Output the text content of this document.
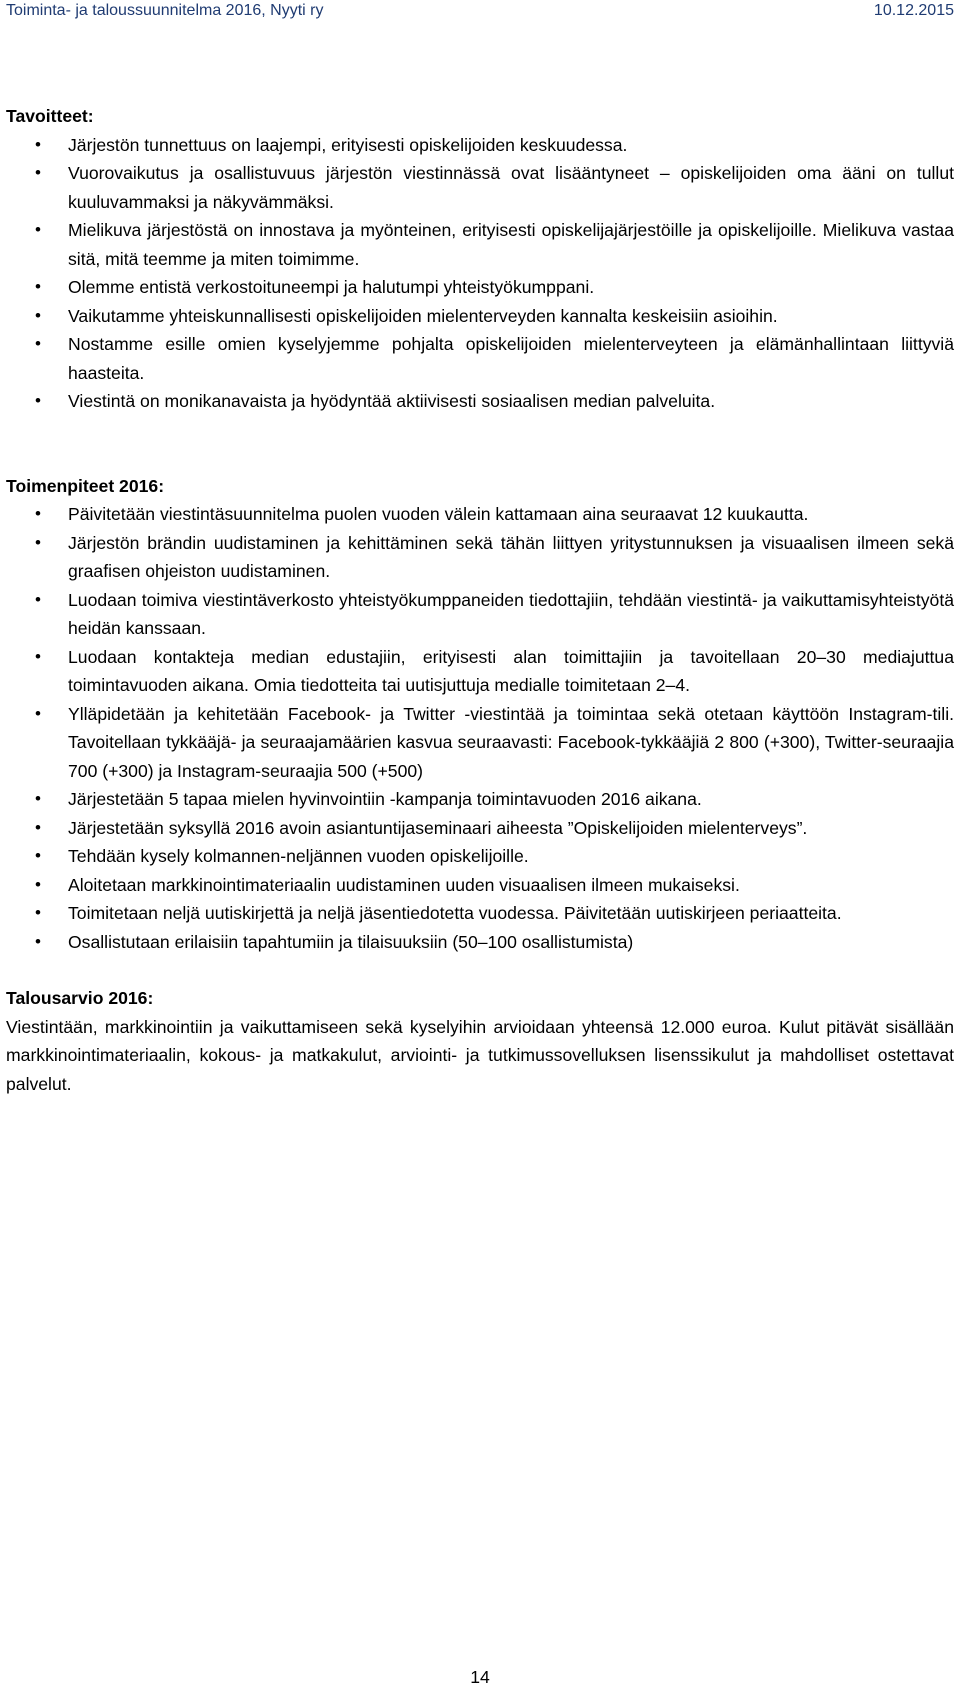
Toiminta- ja taloussuunnitelma 2016, Nyyti ry	10.12.2015
Tavoitteet:
• Järjestön tunnettuus on laajempi, erityisesti opiskelijoiden keskuudessa.
• Vuorovaikutus ja osallistuvuus järjestön viestinnässä ovat lisääntyneet – opiskelijoiden oma ääni on tullut kuuluvammaksi ja näkyvämmäksi.
• Mielikuva järjestöstä on innostava ja myönteinen, erityisesti opiskelijajärjestöille ja opiskelijoille. Mielikuva vastaa sitä, mitä teemme ja miten toimimme.
• Olemme entistä verkostoituneempi ja halutumpi yhteistyökumppani.
• Vaikutamme yhteiskunnallisesti opiskelijoiden mielenterveyden kannalta keskeisiin asioihin.
• Nostamme esille omien kyselyjemme pohjalta opiskelijoiden mielenterveyteen ja elämänhallintaan liittyviä haasteita.
• Viestintä on monikanavaista ja hyödyntää aktiivisesti sosiaalisen median palveluita.
Toimenpiteet 2016:
• Päivitetään viestintäsuunnitelma puolen vuoden välein kattamaan aina seuraavat 12 kuukautta.
• Järjestön brändin uudistaminen ja kehittäminen sekä tähän liittyen yritystunnuksen ja visuaalisen ilmeen sekä graafisen ohjeiston uudistaminen.
• Luodaan toimiva viestintäverkosto yhteistyökumppaneiden tiedottajiin, tehdään viestintä- ja vaikuttamisyhteistyötä heidän kanssaan.
• Luodaan kontakteja median edustajiin, erityisesti alan toimittajiin ja tavoitellaan 20–30 mediajuttua toimintavuoden aikana. Omia tiedotteita tai uutisjuttuja medialle toimitetaan 2–4.
• Ylläpidetään ja kehitetään Facebook- ja Twitter -viestintää ja toimintaa sekä otetaan käyttöön Instagram-tili. Tavoitellaan tykkääjä- ja seuraajamäärien kasvua seuraavasti: Facebook-tykkääjiä 2 800 (+300), Twitter-seuraajia 700 (+300) ja Instagram-seuraajia 500 (+500)
• Järjestetään 5 tapaa mielen hyvinvointiin -kampanja toimintavuoden 2016 aikana.
• Järjestetään syksyllä 2016 avoin asiantuntijaseminaari aiheesta ”Opiskelijoiden mielenterveys”.
• Tehdään kysely kolmannen-neljännen vuoden opiskelijoille.
• Aloitetaan markkinointimateriaalin uudistaminen uuden visuaalisen ilmeen mukaiseksi.
• Toimitetaan neljä uutiskirjettä ja neljä jäsentiedotetta vuodessa. Päivitetään uutiskirjeen periaatteita.
• Osallistutaan erilaisiin tapahtumiin ja tilaisuuksiin (50–100 osallistumista)
Talousarvio 2016:
Viestintään, markkinointiin ja vaikuttamiseen sekä kyselyihin arvioidaan yhteensä 12.000 euroa. Kulut pitävät sisällään markkinointimateriaalin, kokous- ja matkakulut, arviointi- ja tutkimussovelluksen lisenssikulut ja mahdolliset ostettavat palvelut.
14
